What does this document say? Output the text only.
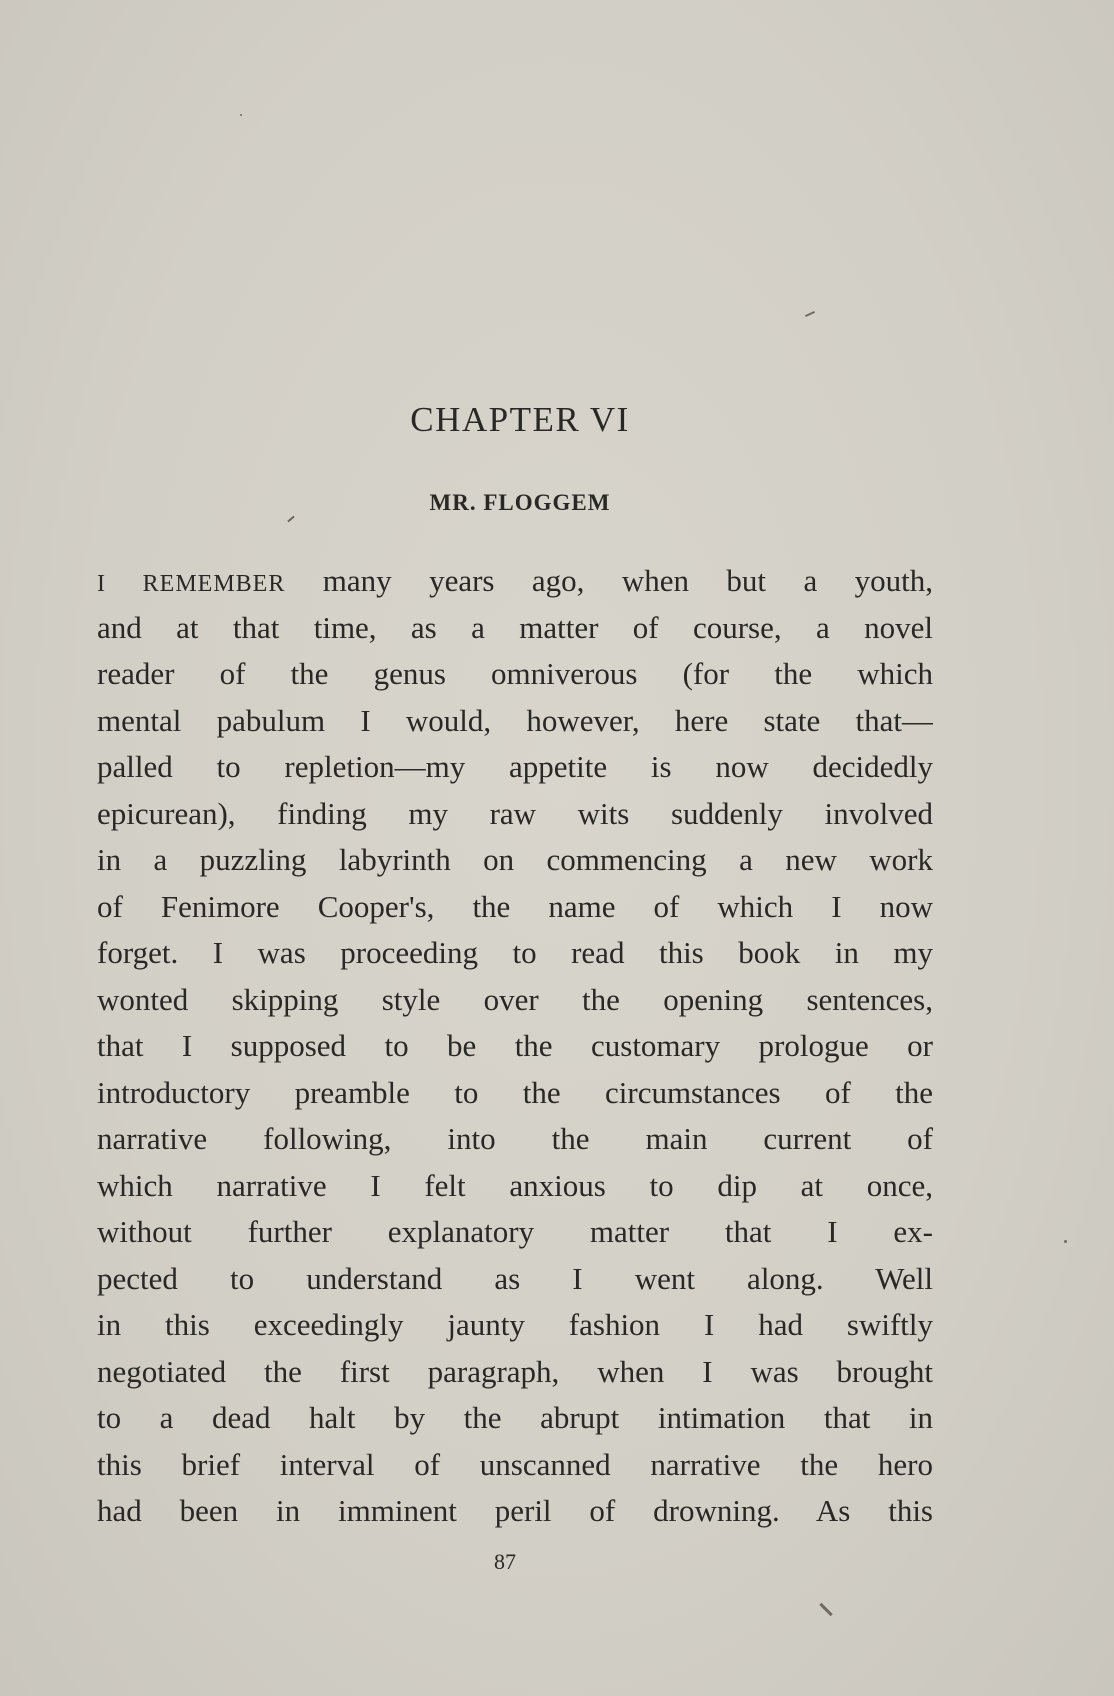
CHAPTER VI
MR. FLOGGEM
I REMEMBER many years ago, when but a youth,
and at that time, as a matter of course, a novel
reader of the genus omniverous (for the which
mental pabulum I would, however, here state that—
palled to repletion—my appetite is now decidedly
epicurean), finding my raw wits suddenly involved
in a puzzling labyrinth on commencing a new work
of Fenimore Cooper's, the name of which I now
forget. I was proceeding to read this book in my
wonted skipping style over the opening sentences,
that I supposed to be the customary prologue or
introductory preamble to the circumstances of the
narrative following, into the main current of
which narrative I felt anxious to dip at once,
without further explanatory matter that I ex-
pected to understand as I went along. Well
in this exceedingly jaunty fashion I had swiftly
negotiated the first paragraph, when I was brought
to a dead halt by the abrupt intimation that in
this brief interval of unscanned narrative the hero
had been in imminent peril of drowning. As this
87
